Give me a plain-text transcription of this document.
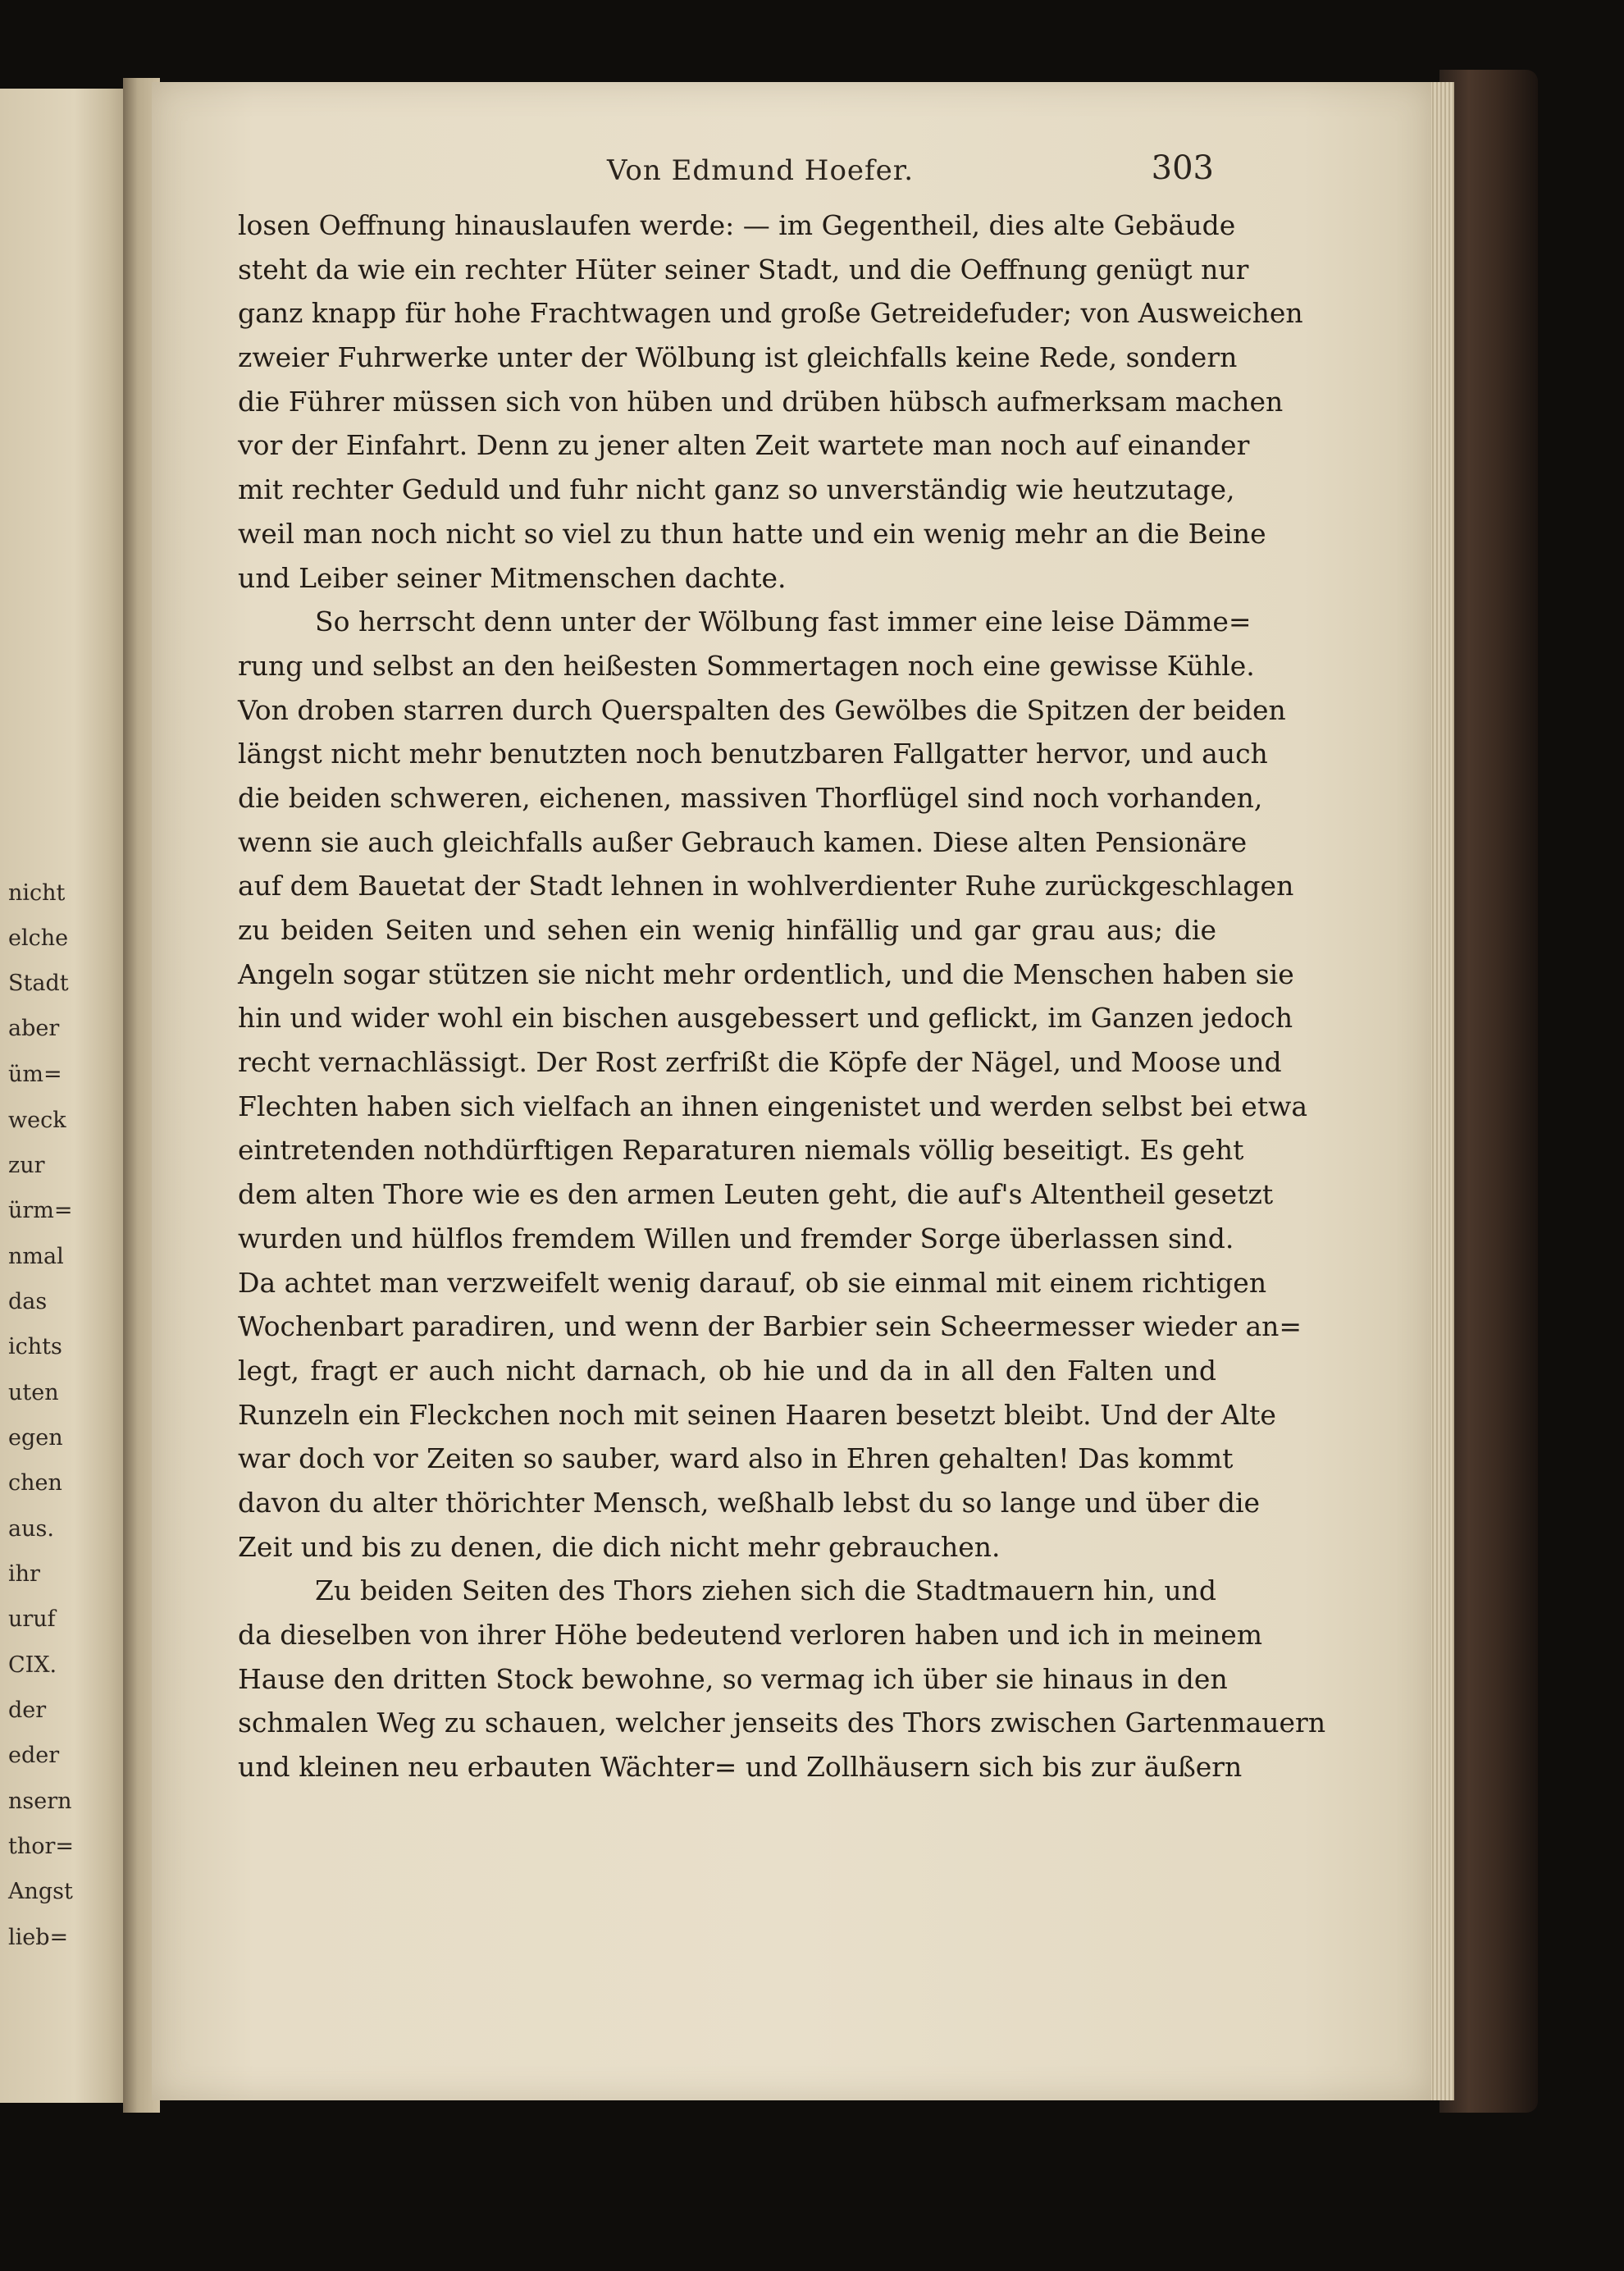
nicht
elche
Stadt
aber
üm=
weck
zur
ürm=
nmal
das
ichts
uten
egen
chen
aus.
ihr
uruf
CIX.
der
eder
nsern
thor=
Angst
lieb=
Von Edmund Hoefer.	303
losen Oeffnung hinauslaufen werde: — im Gegentheil, dies alte Gebäude
steht da wie ein rechter Hüter seiner Stadt, und die Oeffnung genügt nur
ganz knapp für hohe Frachtwagen und große Getreidefuder; von Ausweichen
zweier Fuhrwerke unter der Wölbung ist gleichfalls keine Rede, sondern
die Führer müssen sich von hüben und drüben hübsch aufmerksam machen
vor der Einfahrt. Denn zu jener alten Zeit wartete man noch auf einander
mit rechter Geduld und fuhr nicht ganz so unverständig wie heutzutage,
weil man noch nicht so viel zu thun hatte und ein wenig mehr an die Beine
und Leiber seiner Mitmenschen dachte.
So herrscht denn unter der Wölbung fast immer eine leise Dämme=
rung und selbst an den heißesten Sommertagen noch eine gewisse Kühle.
Von droben starren durch Querspalten des Gewölbes die Spitzen der beiden
längst nicht mehr benutzten noch benutzbaren Fallgatter hervor, und auch
die beiden schweren, eichenen, massiven Thorflügel sind noch vorhanden,
wenn sie auch gleichfalls außer Gebrauch kamen. Diese alten Pensionäre
auf dem Bauetat der Stadt lehnen in wohlverdienter Ruhe zurückgeschlagen
zu beiden Seiten und sehen ein wenig hinfällig und gar grau aus; die
Angeln sogar stützen sie nicht mehr ordentlich, und die Menschen haben sie
hin und wider wohl ein bischen ausgebessert und geflickt, im Ganzen jedoch
recht vernachlässigt. Der Rost zerfrißt die Köpfe der Nägel, und Moose und
Flechten haben sich vielfach an ihnen eingenistet und werden selbst bei etwa
eintretenden nothdürftigen Reparaturen niemals völlig beseitigt. Es geht
dem alten Thore wie es den armen Leuten geht, die auf's Altentheil gesetzt
wurden und hülflos fremdem Willen und fremder Sorge überlassen sind.
Da achtet man verzweifelt wenig darauf, ob sie einmal mit einem richtigen
Wochenbart paradiren, und wenn der Barbier sein Scheermesser wieder an=
legt, fragt er auch nicht darnach, ob hie und da in all den Falten und
Runzeln ein Fleckchen noch mit seinen Haaren besetzt bleibt. Und der Alte
war doch vor Zeiten so sauber, ward also in Ehren gehalten! Das kommt
davon du alter thörichter Mensch, weßhalb lebst du so lange und über die
Zeit und bis zu denen, die dich nicht mehr gebrauchen.
Zu beiden Seiten des Thors ziehen sich die Stadtmauern hin, und
da dieselben von ihrer Höhe bedeutend verloren haben und ich in meinem
Hause den dritten Stock bewohne, so vermag ich über sie hinaus in den
schmalen Weg zu schauen, welcher jenseits des Thors zwischen Gartenmauern
und kleinen neu erbauten Wächter= und Zollhäusern sich bis zur äußern
